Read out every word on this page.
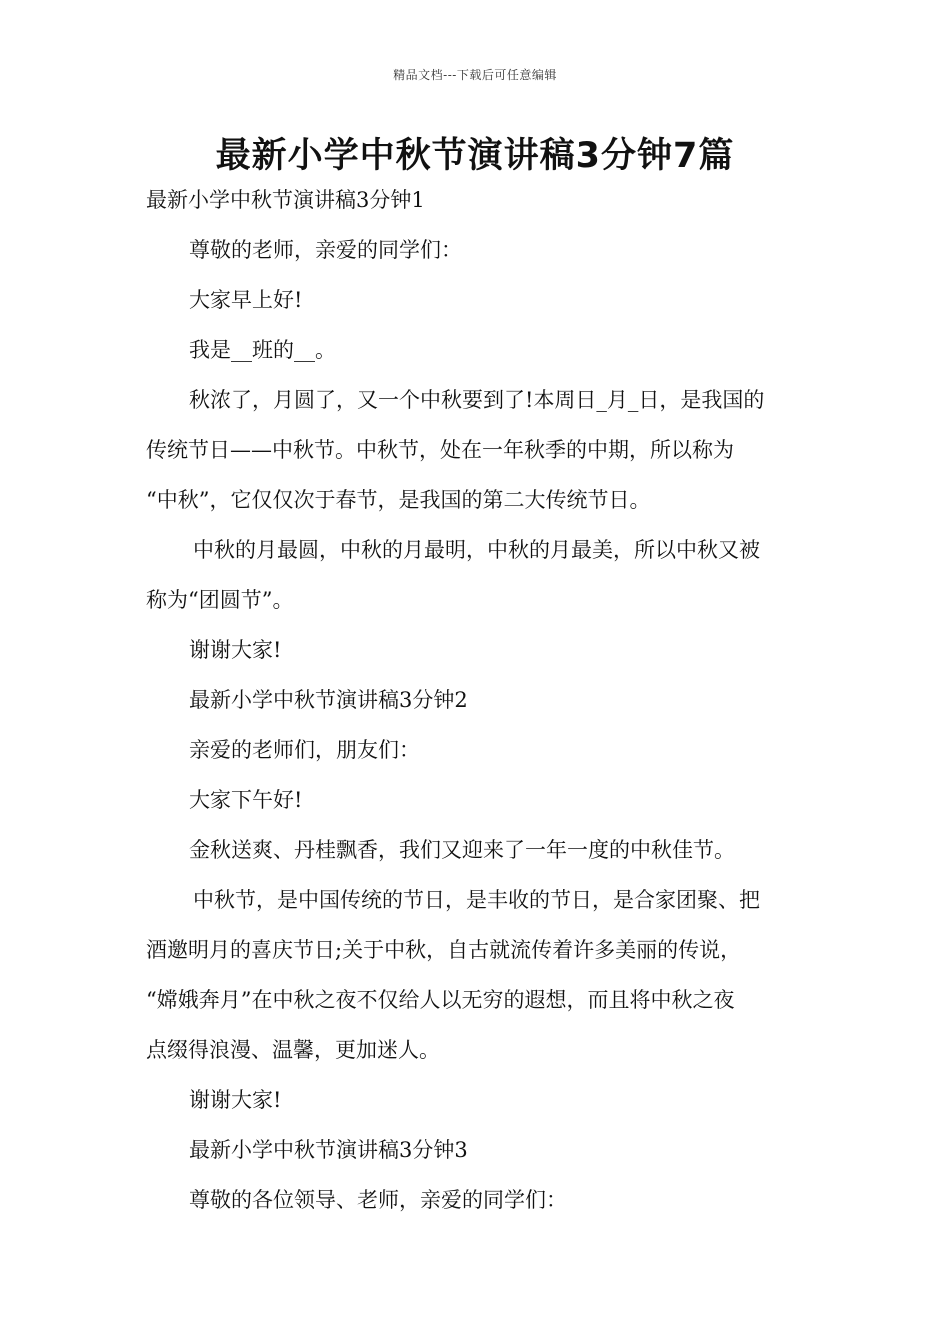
精品文档---下载后可任意编辑
最新小学中秋节演讲稿3分钟7篇
最新小学中秋节演讲稿3分钟1
尊敬的老师，亲爱的同学们：
大家早上好!
我是__班的__。
秋浓了，月圆了，又一个中秋要到了!本周日_月_日，是我国的
传统节日——中秋节。中秋节，处在一年秋季的中期，所以称为
“中秋”，它仅仅次于春节，是我国的第二大传统节日。
中秋的月最圆，中秋的月最明，中秋的月最美，所以中秋又被
称为“团圆节”。
谢谢大家!
最新小学中秋节演讲稿3分钟2
亲爱的老师们，朋友们：
大家下午好!
金秋送爽、丹桂飘香，我们又迎来了一年一度的中秋佳节。
中秋节，是中国传统的节日，是丰收的节日，是合家团聚、把
酒邀明月的喜庆节日;关于中秋，自古就流传着许多美丽的传说，
“嫦娥奔月”在中秋之夜不仅给人以无穷的遐想，而且将中秋之夜
点缀得浪漫、温馨，更加迷人。
谢谢大家!
最新小学中秋节演讲稿3分钟3
尊敬的各位领导、老师，亲爱的同学们：
